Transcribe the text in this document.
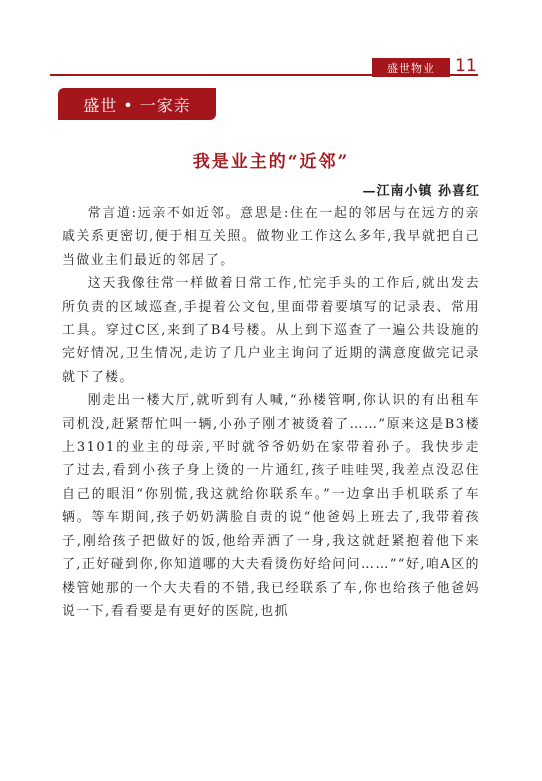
盛世物业	11
盛世 • 一家亲
我是业主的“近邻”
—江南小镇 孙喜红

常言道:远亲不如近邻。意思是:住在一起的邻居与在远方的亲戚关系更密切,便于相互关照。做物业工作这么多年,我早就把自己当做业主们最近的邻居了。

这天我像往常一样做着日常工作,忙完手头的工作后,就出发去所负责的区域巡查,手提着公文包,里面带着要填写的记录表、常用工具。穿过C区,来到了B4号楼。从上到下巡查了一遍公共设施的完好情况,卫生情况,走访了几户业主询问了近期的满意度做完记录就下了楼。

刚走出一楼大厅,就听到有人喊,“孙楼管啊,你认识的有出租车司机没,赶紧帮忙叫一辆,小孙子刚才被烫着了……”原来这是B3楼上3101的业主的母亲,平时就爷爷奶奶在家带着孙子。我快步走了过去,看到小孩子身上烫的一片通红,孩子哇哇哭,我差点没忍住自己的眼泪“你别慌,我这就给你联系车。”一边拿出手机联系了车辆。等车期间,孩子奶奶满脸自责的说“他爸妈上班去了,我带着孩子,刚给孩子把做好的饭,他给弄洒了一身,我这就赶紧抱着他下来了,正好碰到你,你知道哪的大夫看烫伤好给问问……”“好,咱A区的楼管她那的一个大夫看的不错,我已经联系了车,你也给孩子他爸妈说一下,看看要是有更好的医院,也抓
